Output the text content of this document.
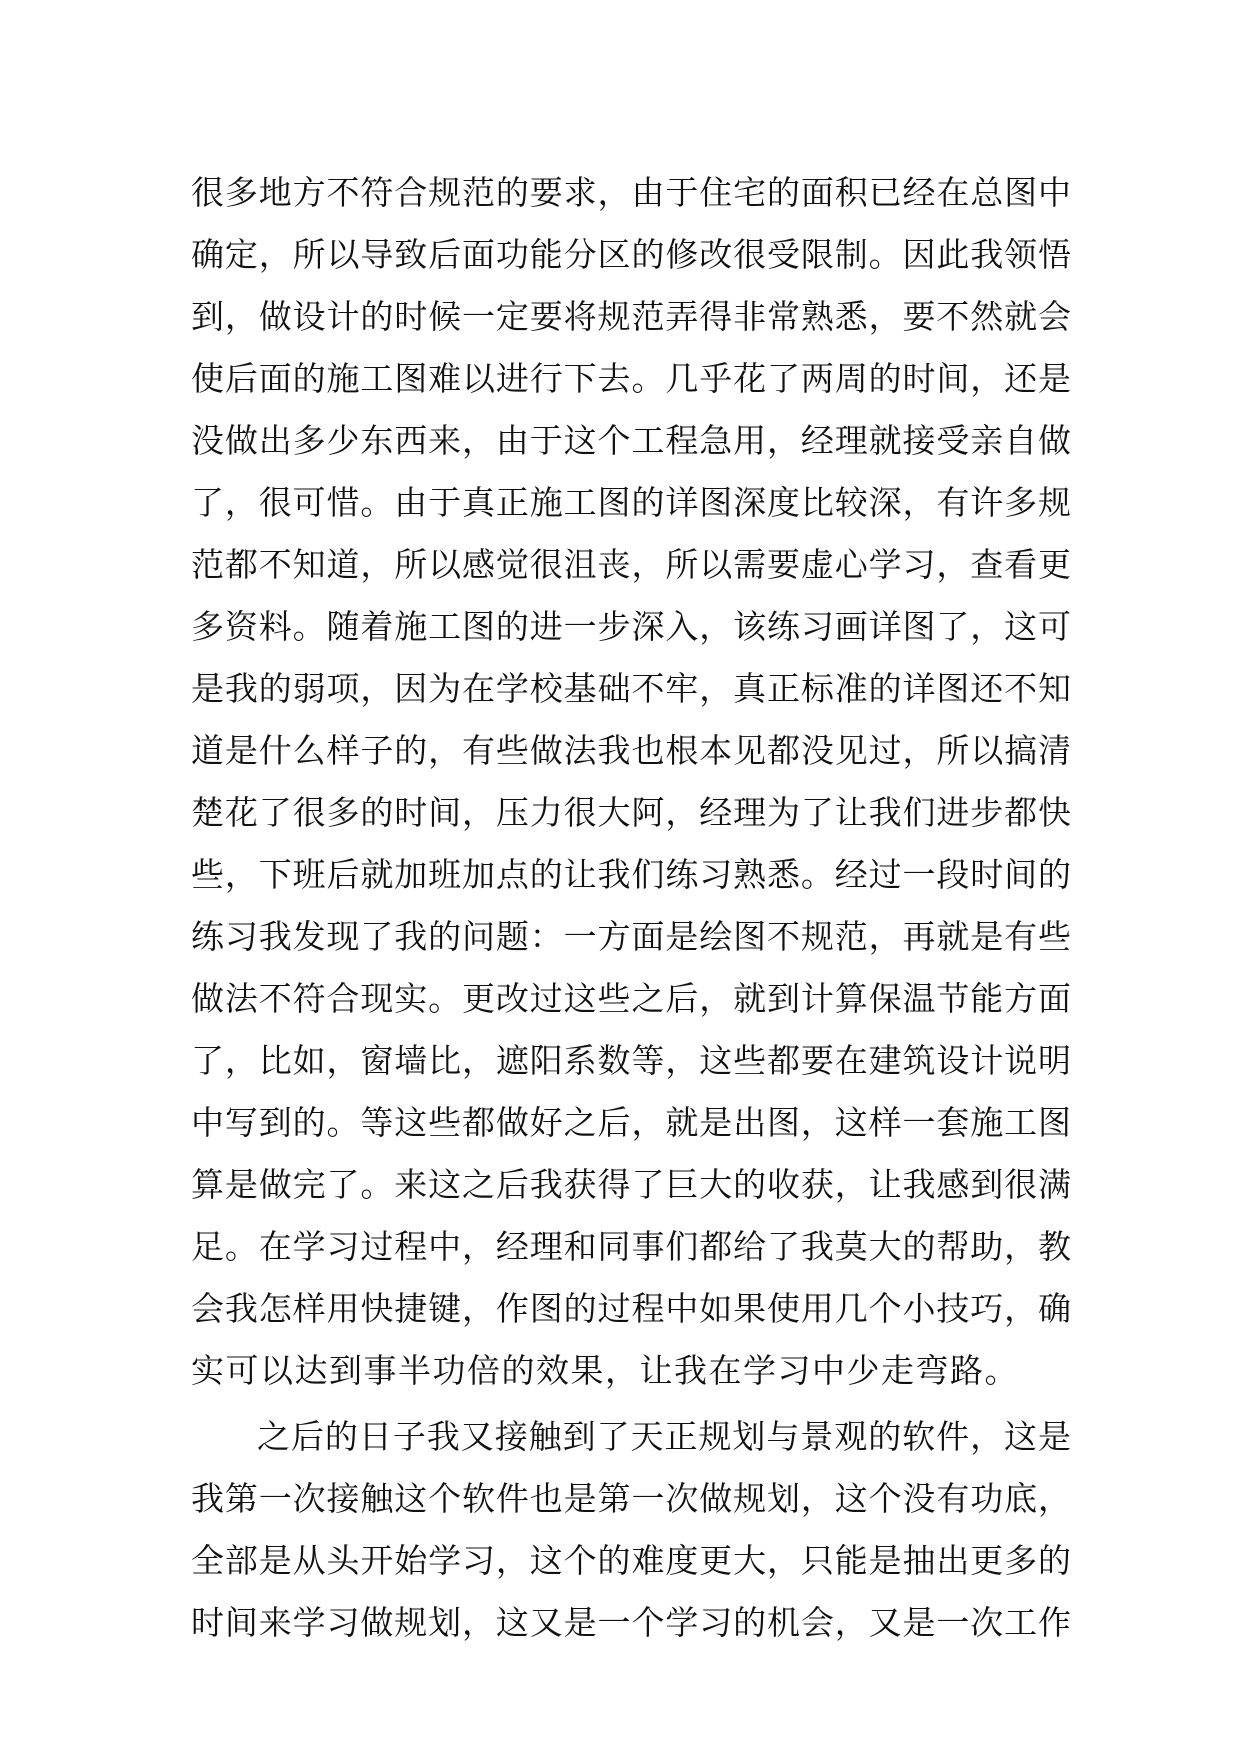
很多地方不符合规范的要求，由于住宅的面积已经在总图中
确定，所以导致后面功能分区的修改很受限制。因此我领悟
到，做设计的时候一定要将规范弄得非常熟悉，要不然就会
使后面的施工图难以进行下去。几乎花了两周的时间，还是
没做出多少东西来，由于这个工程急用，经理就接受亲自做
了，很可惜。由于真正施工图的详图深度比较深，有许多规
范都不知道，所以感觉很沮丧，所以需要虚心学习，查看更
多资料。随着施工图的进一步深入，该练习画详图了，这可
是我的弱项，因为在学校基础不牢，真正标准的详图还不知
道是什么样子的，有些做法我也根本见都没见过，所以搞清
楚花了很多的时间，压力很大阿，经理为了让我们进步都快
些，下班后就加班加点的让我们练习熟悉。经过一段时间的
练习我发现了我的问题：一方面是绘图不规范，再就是有些
做法不符合现实。更改过这些之后，就到计算保温节能方面
了，比如，窗墙比，遮阳系数等，这些都要在建筑设计说明
中写到的。等这些都做好之后，就是出图，这样一套施工图
算是做完了。来这之后我获得了巨大的收获，让我感到很满
足。在学习过程中，经理和同事们都给了我莫大的帮助，教
会我怎样用快捷键，作图的过程中如果使用几个小技巧，确
实可以达到事半功倍的效果，让我在学习中少走弯路。
之后的日子我又接触到了天正规划与景观的软件，这是
我第一次接触这个软件也是第一次做规划，这个没有功底，
全部是从头开始学习，这个的难度更大，只能是抽出更多的
时间来学习做规划，这又是一个学习的机会，又是一次工作
